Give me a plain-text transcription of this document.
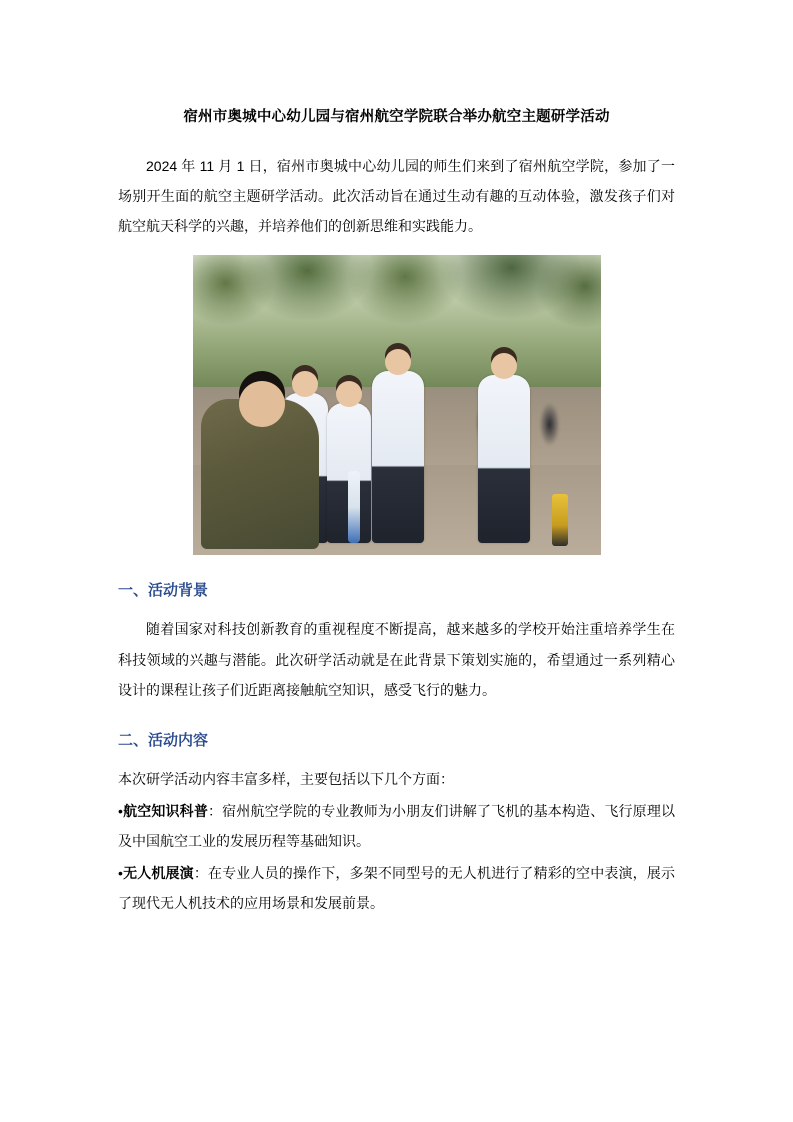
宿州市奥城中心幼儿园与宿州航空学院联合举办航空主题研学活动

2024 年 11 月 1 日，宿州市奥城中心幼儿园的师生们来到了宿州航空学院，参加了一场别开生面的航空主题研学活动。此次活动旨在通过生动有趣的互动体验，激发孩子们对航空航天科学的兴趣，并培养他们的创新思维和实践能力。

一、活动背景

随着国家对科技创新教育的重视程度不断提高，越来越多的学校开始注重培养学生在科技领域的兴趣与潜能。此次研学活动就是在此背景下策划实施的，希望通过一系列精心设计的课程让孩子们近距离接触航空知识，感受飞行的魅力。

二、活动内容

本次研学活动内容丰富多样，主要包括以下几个方面：

•航空知识科普：宿州航空学院的专业教师为小朋友们讲解了飞机的基本构造、飞行原理以及中国航空工业的发展历程等基础知识。

•无人机展演：在专业人员的操作下，多架不同型号的无人机进行了精彩的空中表演，展示了现代无人机技术的应用场景和发展前景。
